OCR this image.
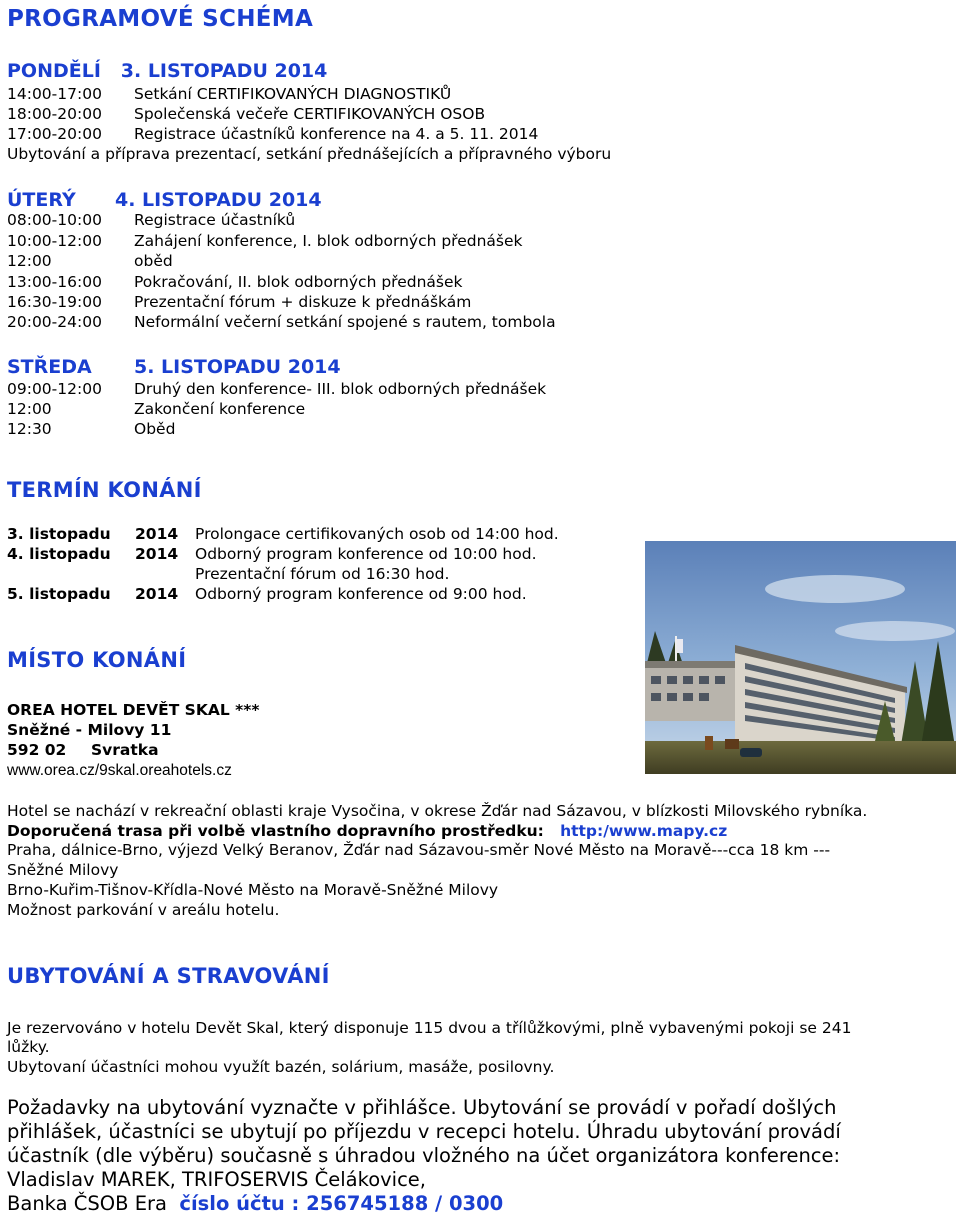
PROGRAMOVÉ SCHÉMA
PONDĚLÍ 3. LISTOPADU 2014
14:00-17:00 Setkání CERTIFIKOVANÝCH DIAGNOSTIKŮ
18:00-20:00 Společenská večeře CERTIFIKOVANÝCH OSOB
17:00-20:00 Registrace účastníků konference na 4. a 5. 11. 2014
Ubytování a příprava prezentací, setkání přednášejících a přípravného výboru
ÚTERÝ 4. LISTOPADU 2014
08:00-10:00 Registrace účastníků
10:00-12:00 Zahájení konference, I. blok odborných přednášek
12:00	oběd
13:00-16:00 Pokračování, II. blok odborných přednášek
16:30-19:00 Prezentační fórum + diskuze k přednáškám
20:00-24:00 Neformální večerní setkání spojené s rautem, tombola
STŘEDA 5. LISTOPADU 2014
09:00-12:00 Druhý den konference- III. blok odborných přednášek
12:00	Zakončení konference
12:30	Oběd
TERMÍN KONÁNÍ
3. listopadu 2014 Prolongace certifikovaných osob od 14:00 hod.
4. listopadu 2014 Odborný program konference od 10:00 hod.
Prezentační fórum od 16:30 hod.
5. listopadu 2014 Odborný program konference od 9:00 hod.
MÍSTO KONÁNÍ
OREA HOTEL DEVĚT SKAL ***
Sněžné - Milovy 11
592 02 Svratka
www.orea.cz/9skal.oreahotels.cz
Hotel se nachází v rekreační oblasti kraje Vysočina, v okrese Žďár nad Sázavou, v blízkosti Milovského rybníka.
Doporučená trasa při volbě vlastního dopravního prostředku: http:/www.mapy.cz
Praha, dálnice-Brno, výjezd Velký Beranov, Žďár nad Sázavou-směr Nové Město na Moravě---cca 18 km ---
Sněžné Milovy
Brno-Kuřim-Tišnov-Křídla-Nové Město na Moravě-Sněžné Milovy
Možnost parkování v areálu hotelu.
UBYTOVÁNÍ A STRAVOVÁNÍ
Je rezervováno v hotelu Devět Skal, který disponuje 115 dvou a třílůžkovými, plně vybavenými pokoji se 241
lůžky.
Ubytovaní účastníci mohou využít bazén, solárium, masáže, posilovny.
Požadavky na ubytování vyznačte v přihlášce. Ubytování se provádí v pořadí došlých
přihlášek, účastníci se ubytují po příjezdu v recepci hotelu. Úhradu ubytování provádí
účastník (dle výběru) současně s úhradou vložného na účet organizátora konference:
Vladislav MAREK, TRIFOSERVIS Čelákovice,
Banka ČSOB Era číslo účtu : 256745188 / 0300
